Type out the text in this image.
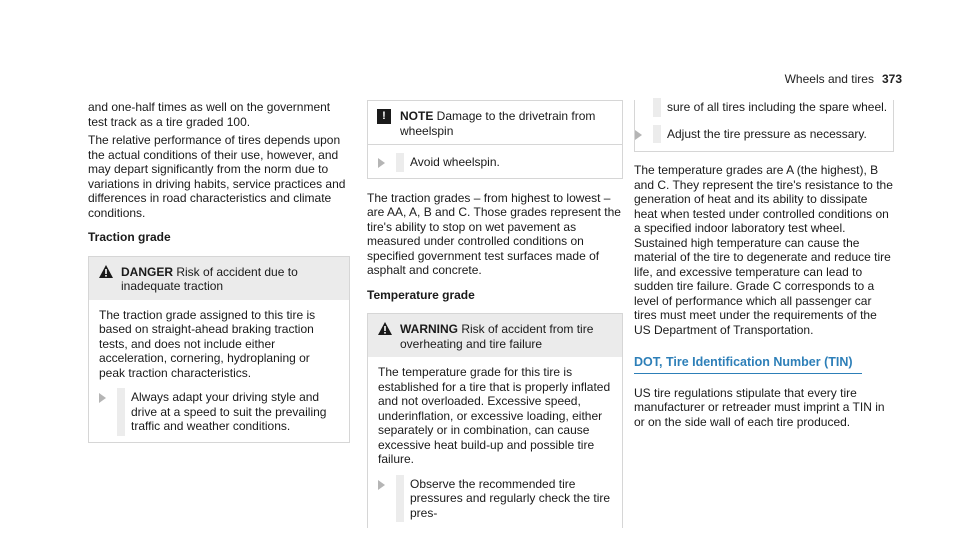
Wheels and tires 373

and one-half times as well on the government test track as a tire graded 100.

The relative performance of tires depends upon the actual conditions of their use, however, and may depart significantly from the norm due to variations in driving habits, service practices and differences in road characteristics and climate conditions.

Traction grade
DANGER Risk of accident due to inadequate traction

The traction grade assigned to this tire is based on straight-ahead braking traction tests, and does not include either acceleration, cornering, hydroplaning or peak traction characteristics.

Always adapt your driving style and drive at a speed to suit the prevailing traffic and weather conditions.
!	NOTE Damage to the drivetrain from wheelspin
Avoid wheelspin.

The traction grades – from highest to lowest – are AA, A, B and C. Those grades represent the tire's ability to stop on wet pavement as measured under controlled conditions on specified government test surfaces made of asphalt and concrete.

Temperature grade
WARNING Risk of accident from tire overheating and tire failure

The temperature grade for this tire is established for a tire that is properly inflated and not overloaded. Excessive speed, underinflation, or excessive loading, either separately or in combination, can cause excessive heat build-up and possible tire failure.

Observe the recommended tire pressures and regularly check the tire pres-
sure of all tires including the spare wheel.
Adjust the tire pressure as necessary.

The temperature grades are A (the highest), B and C. They represent the tire's resistance to the generation of heat and its ability to dissipate heat when tested under controlled conditions on a specified indoor laboratory test wheel. Sustained high temperature can cause the material of the tire to degenerate and reduce tire life, and excessive temperature can lead to sudden tire failure. Grade C corresponds to a level of performance which all passenger car tires must meet under the requirements of the US Department of Transportation.

DOT, Tire Identification Number (TIN)

US tire regulations stipulate that every tire manufacturer or retreader must imprint a TIN in or on the side wall of each tire produced.
